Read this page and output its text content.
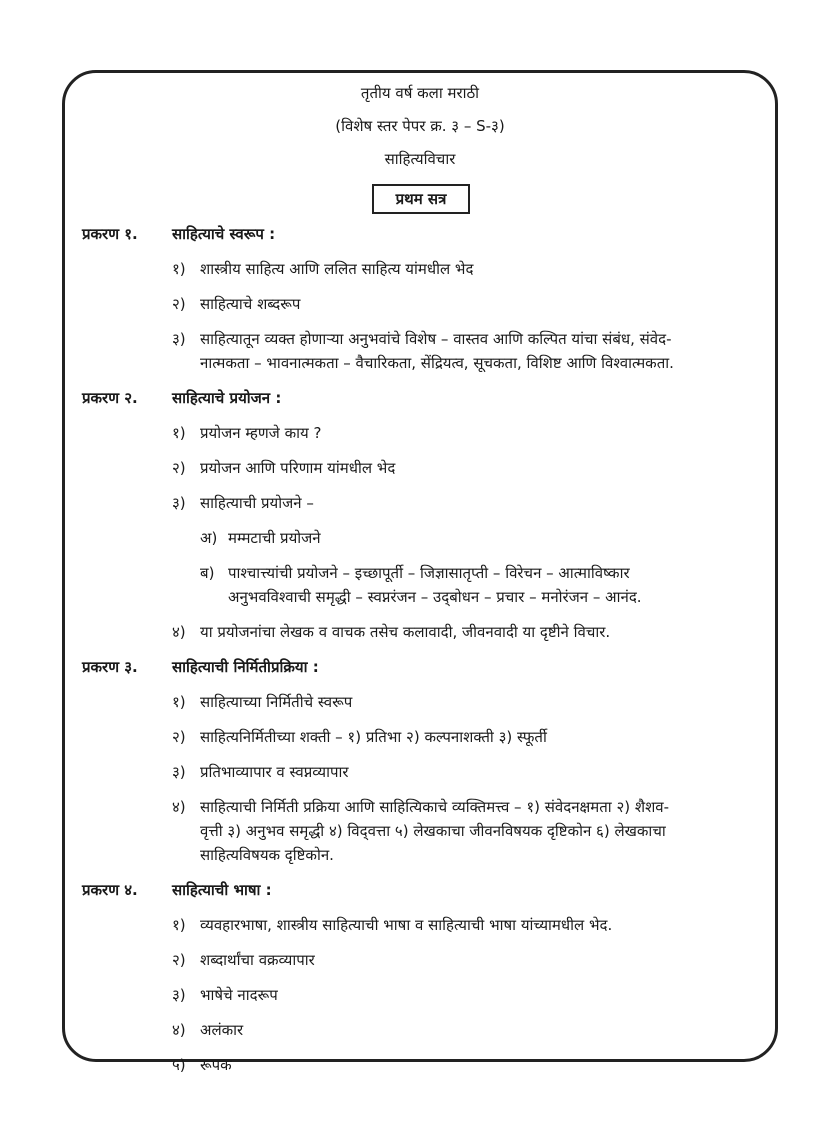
तृतीय वर्ष कला मराठी
(विशेष स्तर पेपर क्र. ३ – S-३)
साहित्यविचार
प्रथम सत्र
प्रकरण १. साहित्याचे स्वरूप :
१) शास्त्रीय साहित्य आणि ललित साहित्य यांमधील भेद
२) साहित्याचे शब्दरूप
३) साहित्यातून व्यक्त होणाऱ्या अनुभवांचे विशेष – वास्तव आणि कल्पित यांचा संबंध, संवेद-
नात्मकता – भावनात्मकता – वैचारिकता, सेंद्रियत्व, सूचकता, विशिष्ट आणि विश्वात्मकता.
प्रकरण २. साहित्याचे प्रयोजन :
१) प्रयोजन म्हणजे काय ?
२) प्रयोजन आणि परिणाम यांमधील भेद
३) साहित्याची प्रयोजने –
अ) मम्मटाची प्रयोजने
ब) पाश्चात्त्यांची प्रयोजने – इच्छापूर्ती – जिज्ञासातृप्ती – विरेचन – आत्माविष्कार
अनुभवविश्वाची समृद्धी – स्वप्नरंजन – उद्‌बोधन – प्रचार – मनोरंजन – आनंद.
४) या प्रयोजनांचा लेखक व वाचक तसेच कलावादी, जीवनवादी या दृष्टीने विचार.
प्रकरण ३. साहित्याची निर्मितीप्रक्रिया :
१) साहित्याच्या निर्मितीचे स्वरूप
२) साहित्यनिर्मितीच्या शक्ती – १) प्रतिभा २) कल्पनाशक्ती ३) स्फूर्ती
३) प्रतिभाव्यापार व स्वप्नव्यापार
४) साहित्याची निर्मिती प्रक्रिया आणि साहित्यिकाचे व्यक्तिमत्त्व – १) संवेदनक्षमता २) शैशव-
वृत्ती ३) अनुभव समृद्धी ४) विद्‌वत्ता ५) लेखकाचा जीवनविषयक दृष्टिकोन ६) लेखकाचा
साहित्यविषयक दृष्टिकोन.
प्रकरण ४. साहित्याची भाषा :
१) व्यवहारभाषा, शास्त्रीय साहित्याची भाषा व साहित्याची भाषा यांच्यामधील भेद.
२) शब्दार्थांचा वक्रव्यापार
३) भाषेचे नादरूप
४) अलंकार
५) रूपक
